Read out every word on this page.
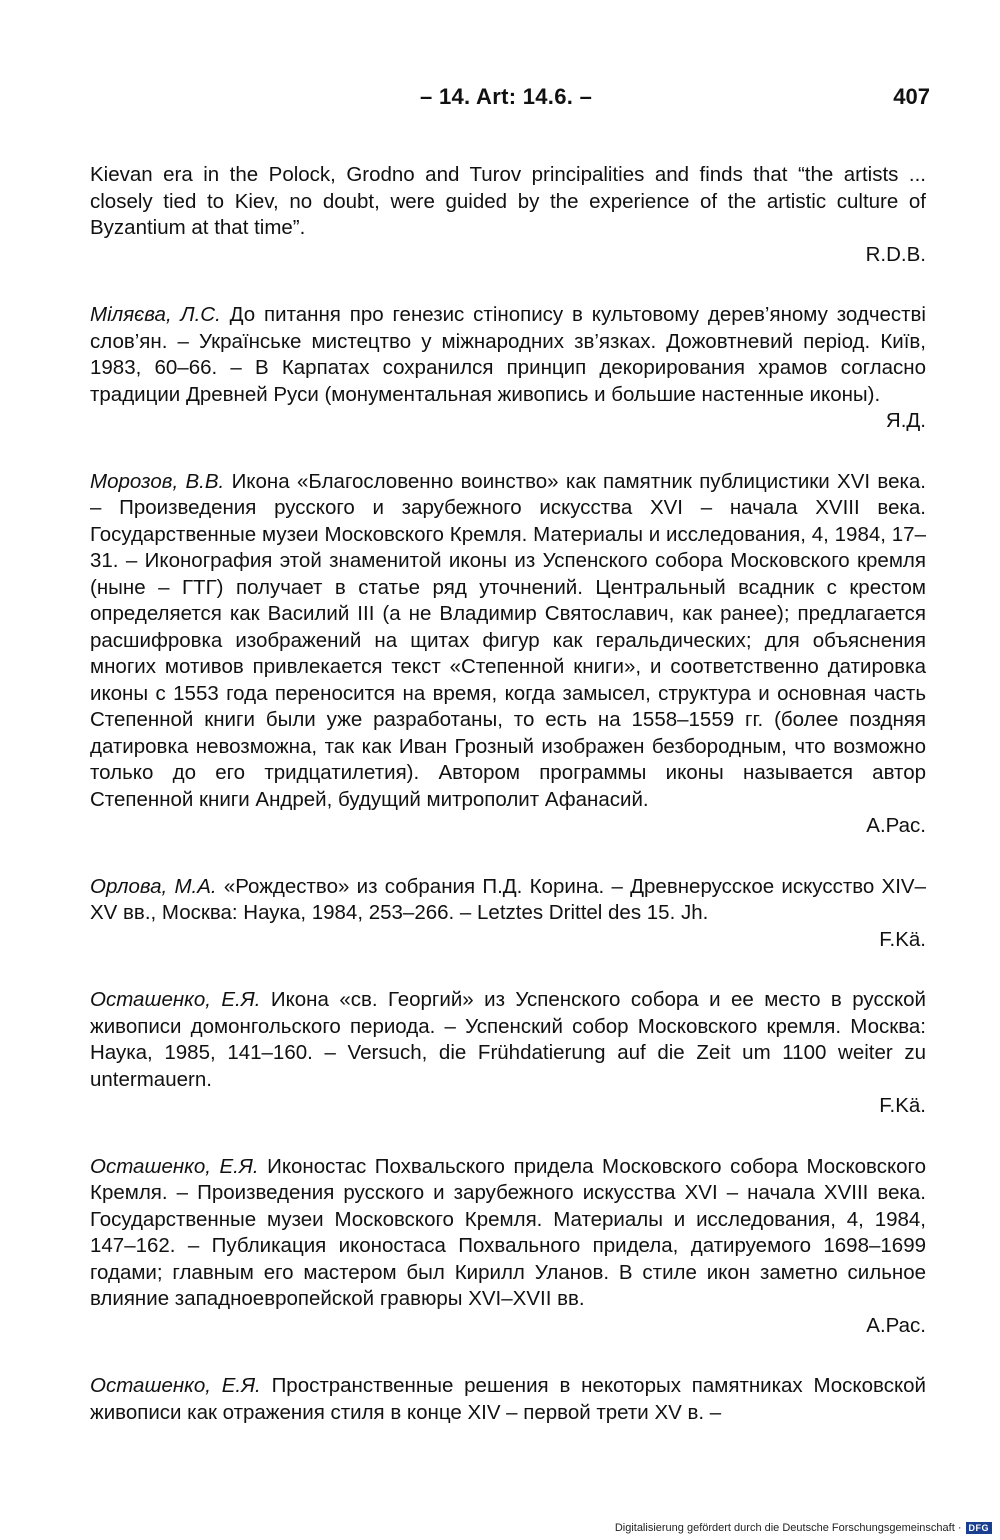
– 14. Art: 14.6. –	407

Kievan era in the Polock, Grodno and Turov principalities and finds that “the artists ... closely tied to Kiev, no doubt, were guided by the experience of the artistic culture of Byzantium at that time”.
R.D.B.

Міляєва, Л.С. До питання про генезис стінопису в культовому дерев’яному зодчестві слов’ян. – Українське мистецтво у міжнародних зв’язках. Дожовтневий період. Київ, 1983, 60–66. – В Карпатах сохранился принцип декорирования храмов согласно традиции Древней Руси (монументальная живопись и большие настенные иконы).
Я.Д.

Морозов, В.В. Икона «Благословенно воинство» как памятник публицистики XVI века. – Произведения русского и зарубежного искусства XVI – начала XVIII века. Государственные музеи Московского Кремля. Материалы и исследования, 4, 1984, 17–31. – Иконография этой знаменитой иконы из Успенского собора Московского кремля (ныне – ГТГ) получает в статье ряд уточнений. Центральный всадник с крестом определяется как Василий III (а не Владимир Святославич, как ранее); предлагается расшифровка изображений на щитах фигур как геральдических; для объяснения многих мотивов привлекается текст «Степенной книги», и соответственно датировка иконы с 1553 года переносится на время, когда замысел, структура и основная часть Степенной книги были уже разработаны, то есть на 1558–1559 гг. (более поздняя датировка невозможна, так как Иван Грозный изображен безбородным, что возможно только до его тридцатилетия). Автором программы иконы называется автор Степенной книги Андрей, будущий митрополит Афанасий.
А.Рас.

Орлова, М.А. «Рождество» из собрания П.Д. Корина. – Древнерусское искусство XIV–XV вв., Москва: Наука, 1984, 253–266. – Letztes Drittel des 15. Jh.
F.Kä.

Осташенко, Е.Я. Икона «св. Георгий» из Успенского собора и ее место в русской живописи домонгольского периода. – Успенский собор Московского кремля. Москва: Наука, 1985, 141–160. – Versuch, die Frühdatierung auf die Zeit um 1100 weiter zu untermauern.
F.Kä.

Осташенко, Е.Я. Иконостас Похвальского придела Московского собора Московского Кремля. – Произведения русского и зарубежного искусства XVI – начала XVIII века. Государственные музеи Московского Кремля. Материалы и исследования, 4, 1984, 147–162. – Публикация иконостаса Похвального придела, датируемого 1698–1699 годами; главным его мастером был Кирилл Уланов. В стиле икон заметно сильное влияние западноевропейской гравюры XVI–XVII вв.
А.Рас.

Осташенко, Е.Я. Пространственные решения в некоторых памятниках Московской живописи как отражения стиля в конце XIV – первой трети XV в. –

Digitalisierung gefördert durch die Deutsche Forschungsgemeinschaft · DFG
